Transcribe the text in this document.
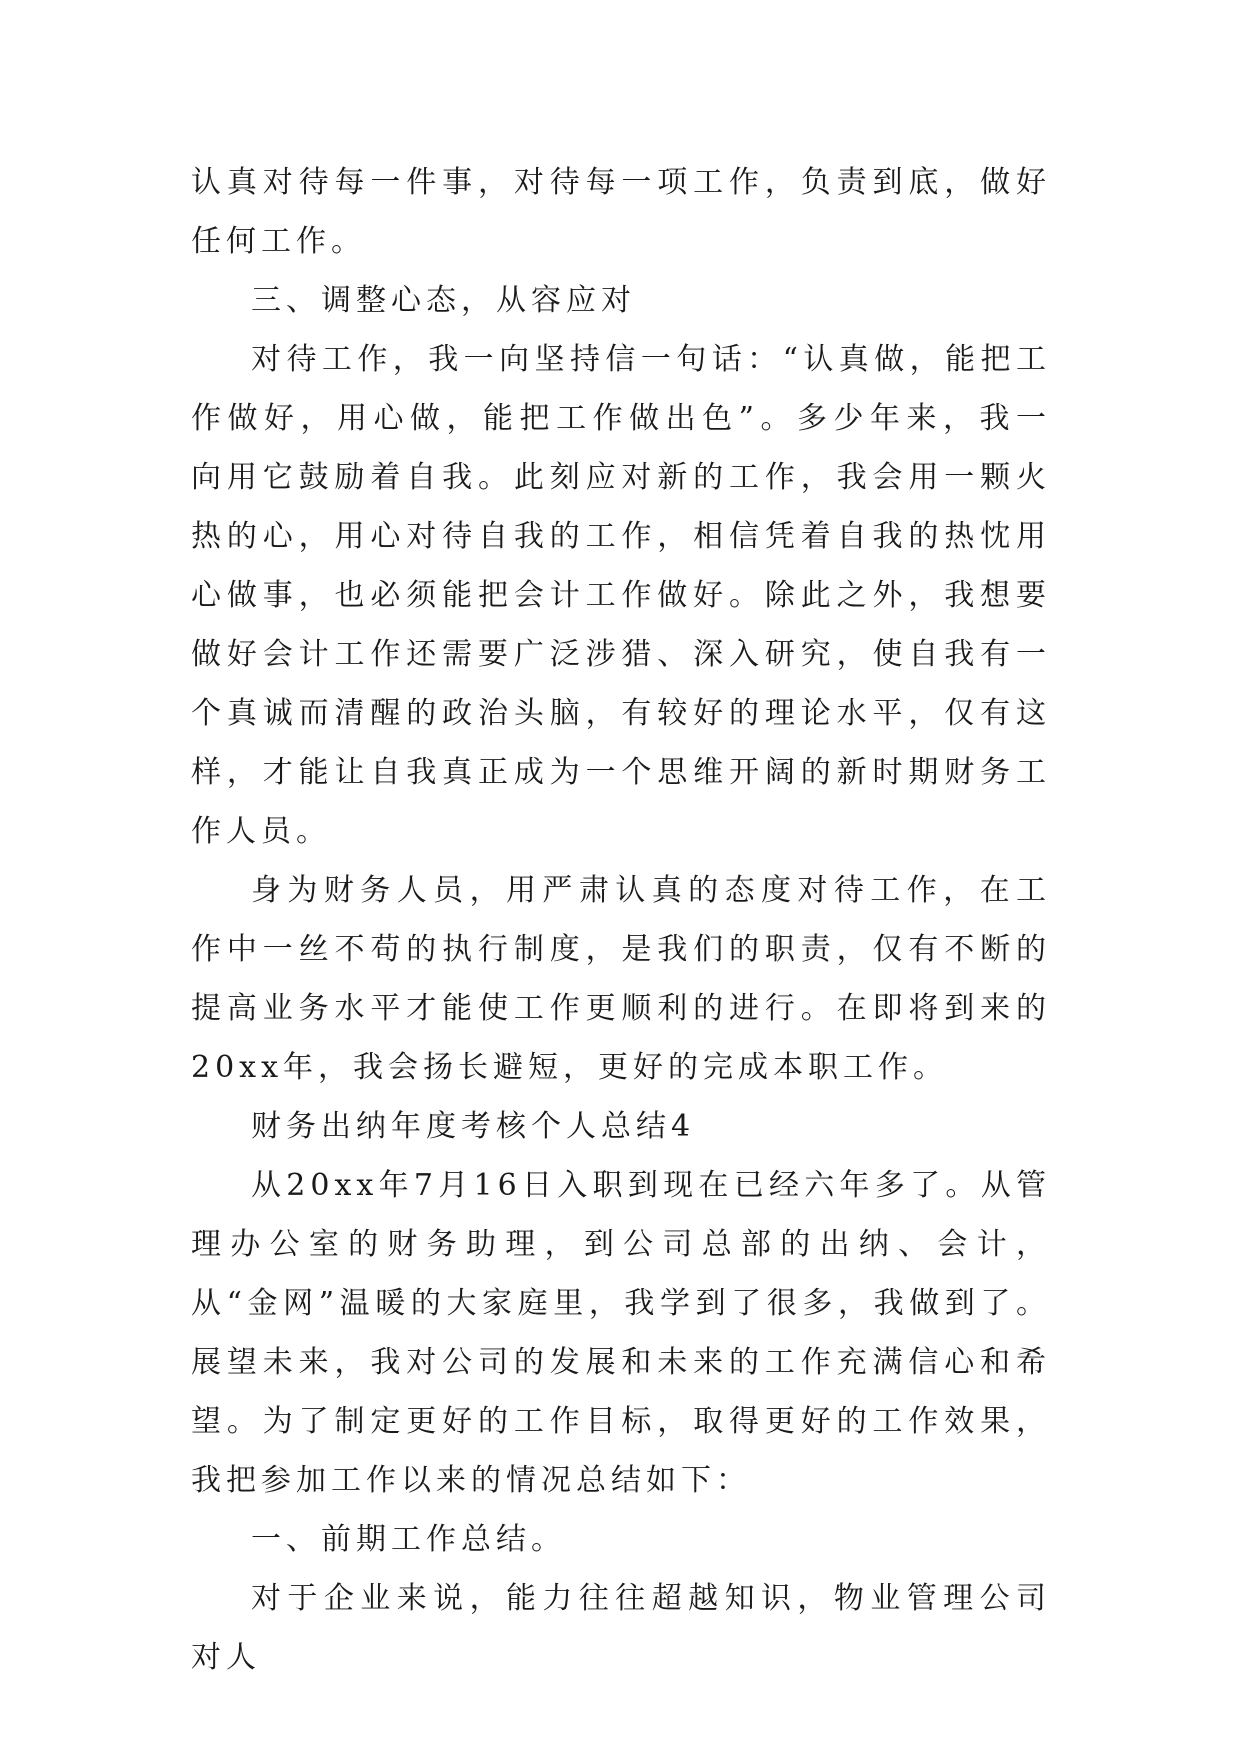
认真对待每一件事，对待每一项工作，负责到底，做好任何工作。

三、调整心态，从容应对

对待工作，我一向坚持信一句话：“认真做，能把工作做好，用心做，能把工作做出色”。多少年来，我一向用它鼓励着自我。此刻应对新的工作，我会用一颗火热的心，用心对待自我的工作，相信凭着自我的热忱用心做事，也必须能把会计工作做好。除此之外，我想要做好会计工作还需要广泛涉猎、深入研究，使自我有一个真诚而清醒的政治头脑，有较好的理论水平，仅有这样，才能让自我真正成为一个思维开阔的新时期财务工作人员。

身为财务人员，用严肃认真的态度对待工作，在工作中一丝不苟的执行制度，是我们的职责，仅有不断的提高业务水平才能使工作更顺利的进行。在即将到来的20xx年，我会扬长避短，更好的完成本职工作。

财务出纳年度考核个人总结4

从20xx年7月16日入职到现在已经六年多了。从管理办公室的财务助理，到公司总部的出纳、会计，从“金网”温暖的大家庭里，我学到了很多，我做到了。展望未来，我对公司的发展和未来的工作充满信心和希望。为了制定更好的工作目标，取得更好的工作效果，我把参加工作以来的情况总结如下：

一、前期工作总结。

对于企业来说，能力往往超越知识，物业管理公司对人
